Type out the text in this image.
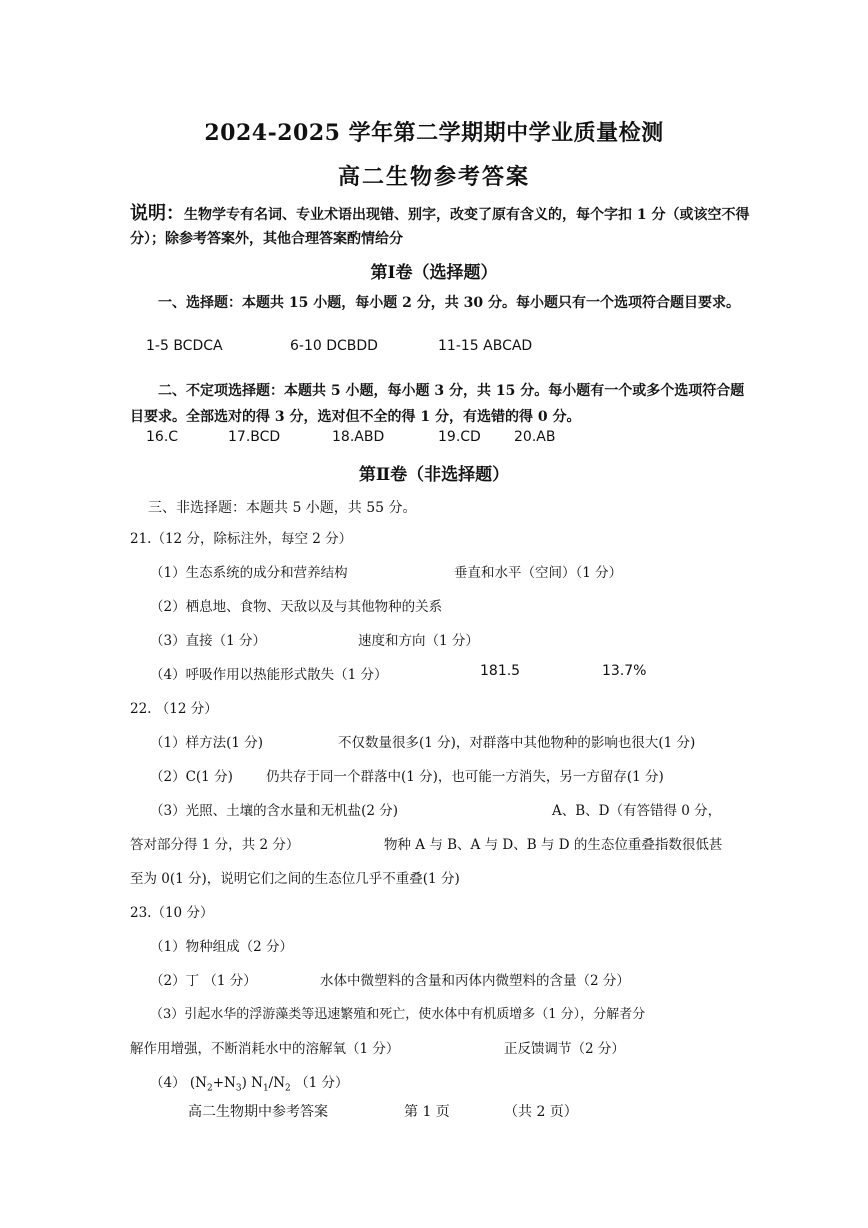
2024-2025 学年第二学期期中学业质量检测
高二生物参考答案
说明：生物学专有名词、专业术语出现错、别字，改变了原有含义的，每个字扣 1 分（或该空不得分）；除参考答案外，其他合理答案酌情给分
第Ⅰ卷（选择题）
一、选择题：本题共 15 小题，每小题 2 分，共 30 分。每小题只有一个选项符合题目要求。
1-5 BCDCA	6-10 DCBDD	11-15 ABCAD
二、不定项选择题：本题共 5 小题，每小题 3 分，共 15 分。每小题有一个或多个选项符合题目要求。全部选对的得 3 分，选对但不全的得 1 分，有选错的得 0 分。
16.C	17.BCD	18.ABD	19.CD 20.AB
第Ⅱ卷（非选择题）
三、非选择题：本题共 5 小题，共 55 分。
21.（12 分，除标注外，每空 2 分）
（1）生态系统的成分和营养结构	垂直和水平（空间）（1 分）
（2）栖息地、食物、天敌以及与其他物种的关系
（3）直接（1 分）	速度和方向（1 分）
（4）呼吸作用以热能形式散失（1 分）	181.5	13.7%
22. （12 分）
（1）样方法(1 分)	不仅数量很多(1 分)，对群落中其他物种的影响也很大(1 分)
（2）C(1 分) 仍共存于同一个群落中(1 分)，也可能一方消失，另一方留存(1 分)
（3）光照、土壤的含水量和无机盐(2 分)	A、B、D（有答错得 0 分，
答对部分得 1 分，共 2 分）	物种 A 与 B、A 与 D、B 与 D 的生态位重叠指数很低甚
至为 0(1 分)，说明它们之间的生态位几乎不重叠(1 分)
23.（10 分）
（1）物种组成（2 分）
（2）丁 （1 分）	水体中微塑料的含量和丙体内微塑料的含量（2 分）
（3）引起水华的浮游藻类等迅速繁殖和死亡，使水体中有机质增多（1 分），分解者分
解作用增强，不断消耗水中的溶解氧（1 分）	正反馈调节（2 分）
（4） $(N_2+N_3)$ $N_1/N_2$ （1 分）
高二生物期中参考答案	第 1 页	（共 2 页）
